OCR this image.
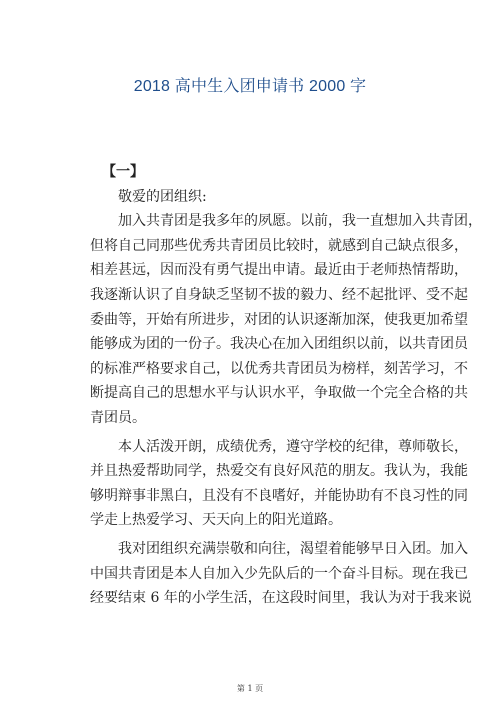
2018 高中生入团申请书 2000 字
【一】
敬爱的团组织:
加入共青团是我多年的夙愿。以前，我一直想加入共青团，
但将自己同那些优秀共青团员比较时，就感到自己缺点很多，
相差甚远，因而没有勇气提出申请。最近由于老师热情帮助，
我逐渐认识了自身缺乏坚韧不拔的毅力、经不起批评、受不起
委曲等，开始有所进步，对团的认识逐渐加深，使我更加希望
能够成为团的一份子。我决心在加入团组织以前，以共青团员
的标准严格要求自己，以优秀共青团员为榜样，刻苦学习，不
断提高自己的思想水平与认识水平，争取做一个完全合格的共
青团员。
本人活泼开朗，成绩优秀，遵守学校的纪律，尊师敬长，
并且热爱帮助同学，热爱交有良好风范的朋友。我认为，我能
够明辩事非黑白，且没有不良嗜好，并能协助有不良习性的同
学走上热爱学习、天天向上的阳光道路。
我对团组织充满崇敬和向往，渴望着能够早日入团。加入
中国共青团是本人自加入少先队后的一个奋斗目标。现在我已
经要结束 6 年的小学生活，在这段时间里，我认为对于我来说
第 1 页
